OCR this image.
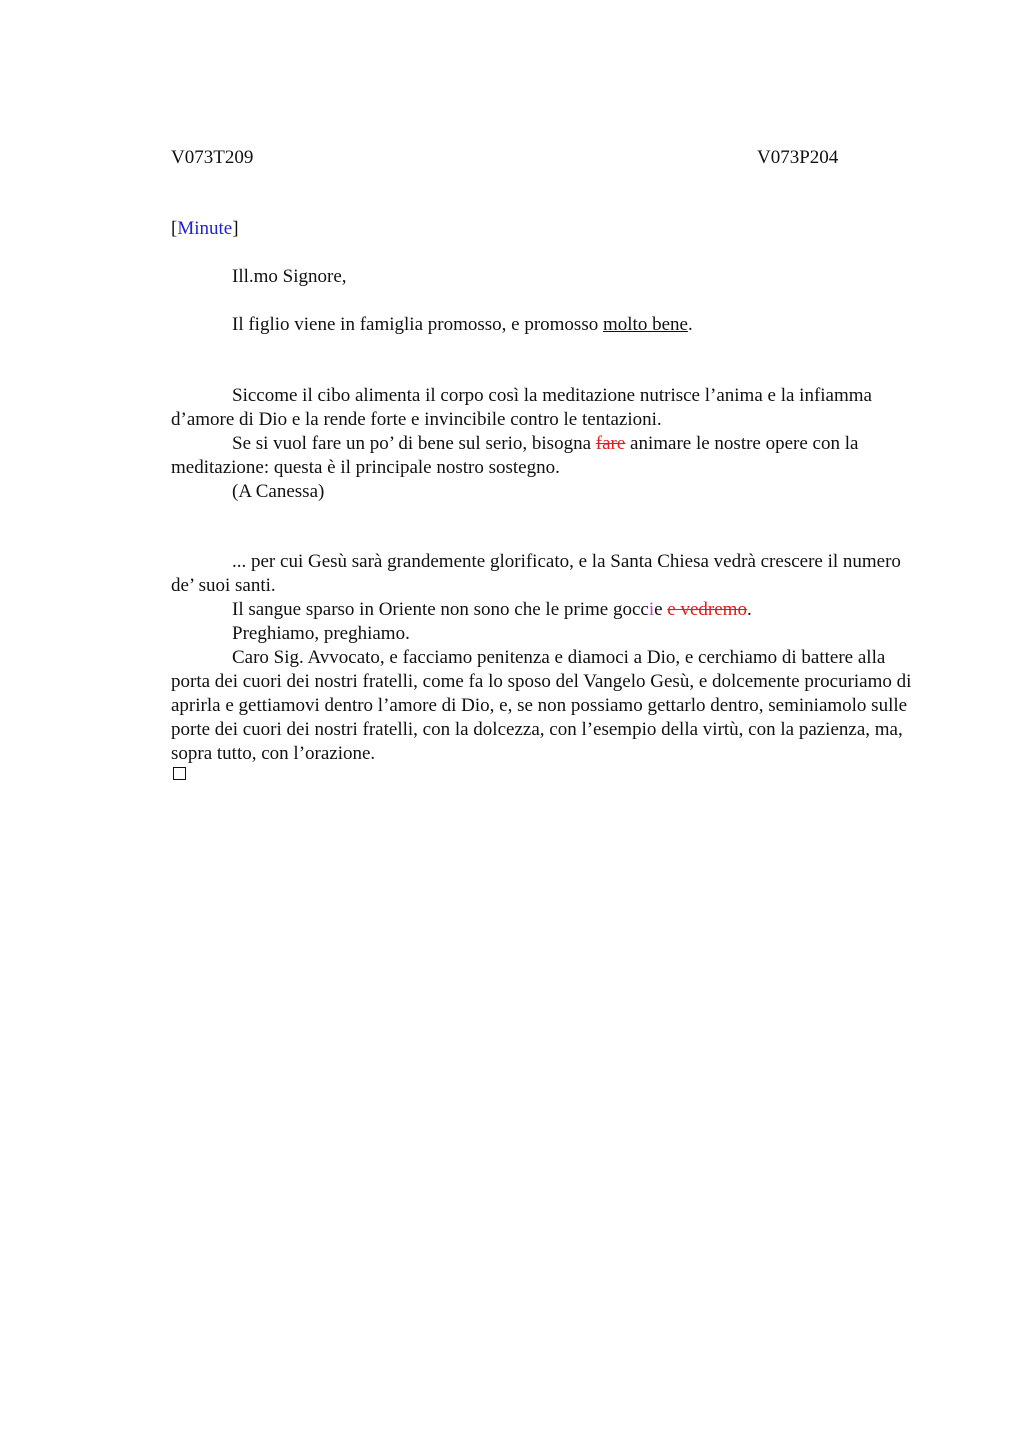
V073T209	V073P204
[Minute]

Ill.mo Signore,

Il figlio viene in famiglia promosso, e promosso molto bene.

Siccome il cibo alimenta il corpo così la meditazione nutrisce l’anima e la infiamma d’amore di Dio e la rende forte e invincibile contro le tentazioni.

Se si vuol fare un po’ di bene sul serio, bisogna fare animare le nostre opere con la meditazione: questa è il principale nostro sostegno.

(A Canessa)

... per cui Gesù sarà grandemente glorificato, e la Santa Chiesa vedrà crescere il numero de’ suoi santi.

Il sangue sparso in Oriente non sono che le prime goccie e vedremo.

Preghiamo, preghiamo.

Caro Sig. Avvocato, e facciamo penitenza e diamoci a Dio, e cerchiamo di battere alla porta dei cuori dei nostri fratelli, come fa lo sposo del Vangelo Gesù, e dolcemente procuriamo di aprirla e gettiamovi dentro l’amore di Dio, e, se non possiamo gettarlo dentro, seminiamolo sulle porte dei cuori dei nostri fratelli, con la dolcezza, con l’esempio della virtù, con la pazienza, ma, sopra tutto, con l’orazione.
